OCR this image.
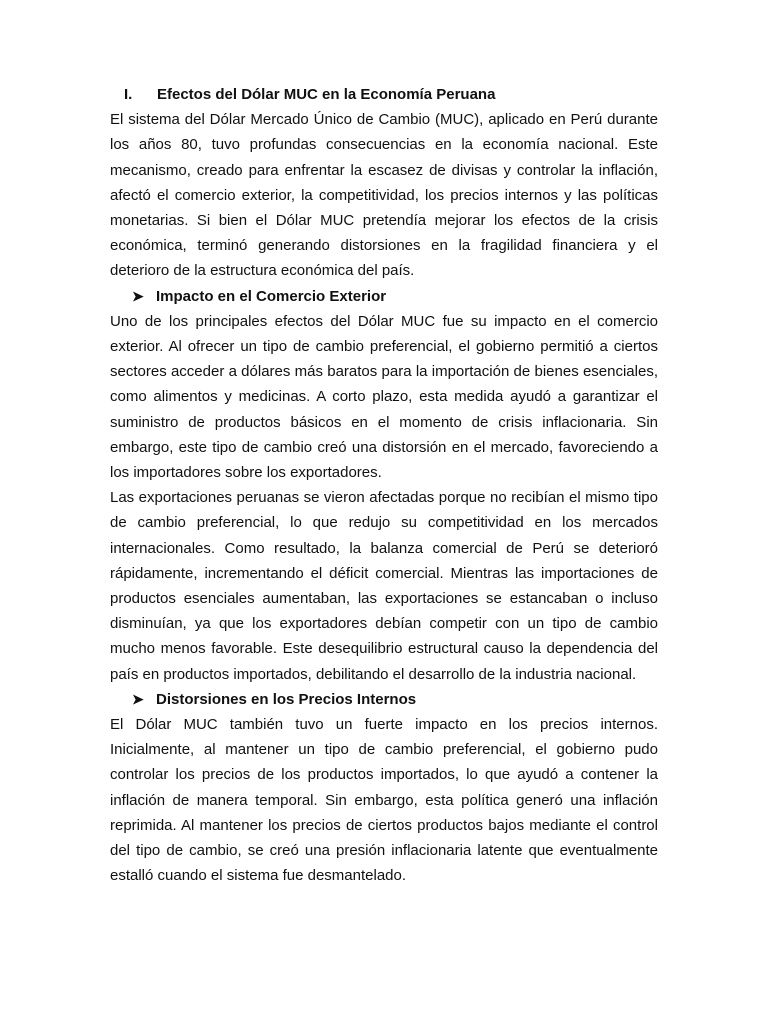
I.	Efectos del Dólar MUC en la Economía Peruana

El sistema del Dólar Mercado Único de Cambio (MUC), aplicado en Perú durante los años 80, tuvo profundas consecuencias en la economía nacional. Este mecanismo, creado para enfrentar la escasez de divisas y controlar la inflación, afectó el comercio exterior, la competitividad, los precios internos y las políticas monetarias. Si bien el Dólar MUC pretendía mejorar los efectos de la crisis económica, terminó generando distorsiones en la fragilidad financiera y el deterioro de la estructura económica del país.

➤ Impacto en el Comercio Exterior

Uno de los principales efectos del Dólar MUC fue su impacto en el comercio exterior. Al ofrecer un tipo de cambio preferencial, el gobierno permitió a ciertos sectores acceder a dólares más baratos para la importación de bienes esenciales, como alimentos y medicinas. A corto plazo, esta medida ayudó a garantizar el suministro de productos básicos en el momento de crisis inflacionaria. Sin embargo, este tipo de cambio creó una distorsión en el mercado, favoreciendo a los importadores sobre los exportadores.

Las exportaciones peruanas se vieron afectadas porque no recibían el mismo tipo de cambio preferencial, lo que redujo su competitividad en los mercados internacionales. Como resultado, la balanza comercial de Perú se deterioró rápidamente, incrementando el déficit comercial. Mientras las importaciones de productos esenciales aumentaban, las exportaciones se estancaban o incluso disminuían, ya que los exportadores debían competir con un tipo de cambio mucho menos favorable. Este desequilibrio estructural causo la dependencia del país en productos importados, debilitando el desarrollo de la industria nacional.

➤ Distorsiones en los Precios Internos

El Dólar MUC también tuvo un fuerte impacto en los precios internos. Inicialmente, al mantener un tipo de cambio preferencial, el gobierno pudo controlar los precios de los productos importados, lo que ayudó a contener la inflación de manera temporal. Sin embargo, esta política generó una inflación reprimida. Al mantener los precios de ciertos productos bajos mediante el control del tipo de cambio, se creó una presión inflacionaria latente que eventualmente estalló cuando el sistema fue desmantelado.
